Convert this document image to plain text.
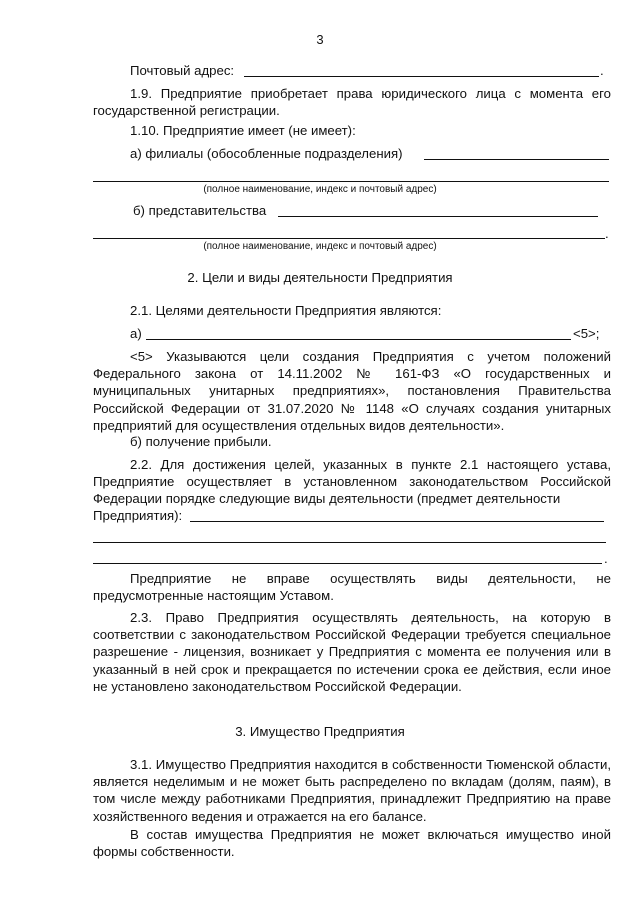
3
Почтовый адрес:	.
1.9. Предприятие приобретает права юридического лица с момента его государственной регистрации.
1.10. Предприятие имеет (не имеет):
а) филиалы (обособленные подразделения)
(полное наименование, индекс и почтовый адрес)
б) представительства
.
(полное наименование, индекс и почтовый адрес)
2. Цели и виды деятельности Предприятия
2.1. Целями деятельности Предприятия являются:
а)	<5>;
<5> Указываются цели создания Предприятия с учетом положений Федерального закона от 14.11.2002 № 161-ФЗ «О государственных и муниципальных унитарных предприятиях», постановления Правительства Российской Федерации от 31.07.2020 № 1148 «О случаях создания унитарных предприятий для осуществления отдельных видов деятельности».
б) получение прибыли.
2.2. Для достижения целей, указанных в пункте 2.1 настоящего устава, Предприятие осуществляет в установленном законодательством Российской Федерации порядке следующие виды деятельности (предмет деятельности
Предприятия):
.
Предприятие не вправе осуществлять виды деятельности, не предусмотренные настоящим Уставом.
2.3. Право Предприятия осуществлять деятельность, на которую в соответствии с законодательством Российской Федерации требуется специальное разрешение - лицензия, возникает у Предприятия с момента ее получения или в указанный в ней срок и прекращается по истечении срока ее действия, если иное не установлено законодательством Российской Федерации.
3. Имущество Предприятия
3.1. Имущество Предприятия находится в собственности Тюменской области, является неделимым и не может быть распределено по вкладам (долям, паям), в том числе между работниками Предприятия, принадлежит Предприятию на праве хозяйственного ведения и отражается на его балансе.
В состав имущества Предприятия не может включаться имущество иной формы собственности.
